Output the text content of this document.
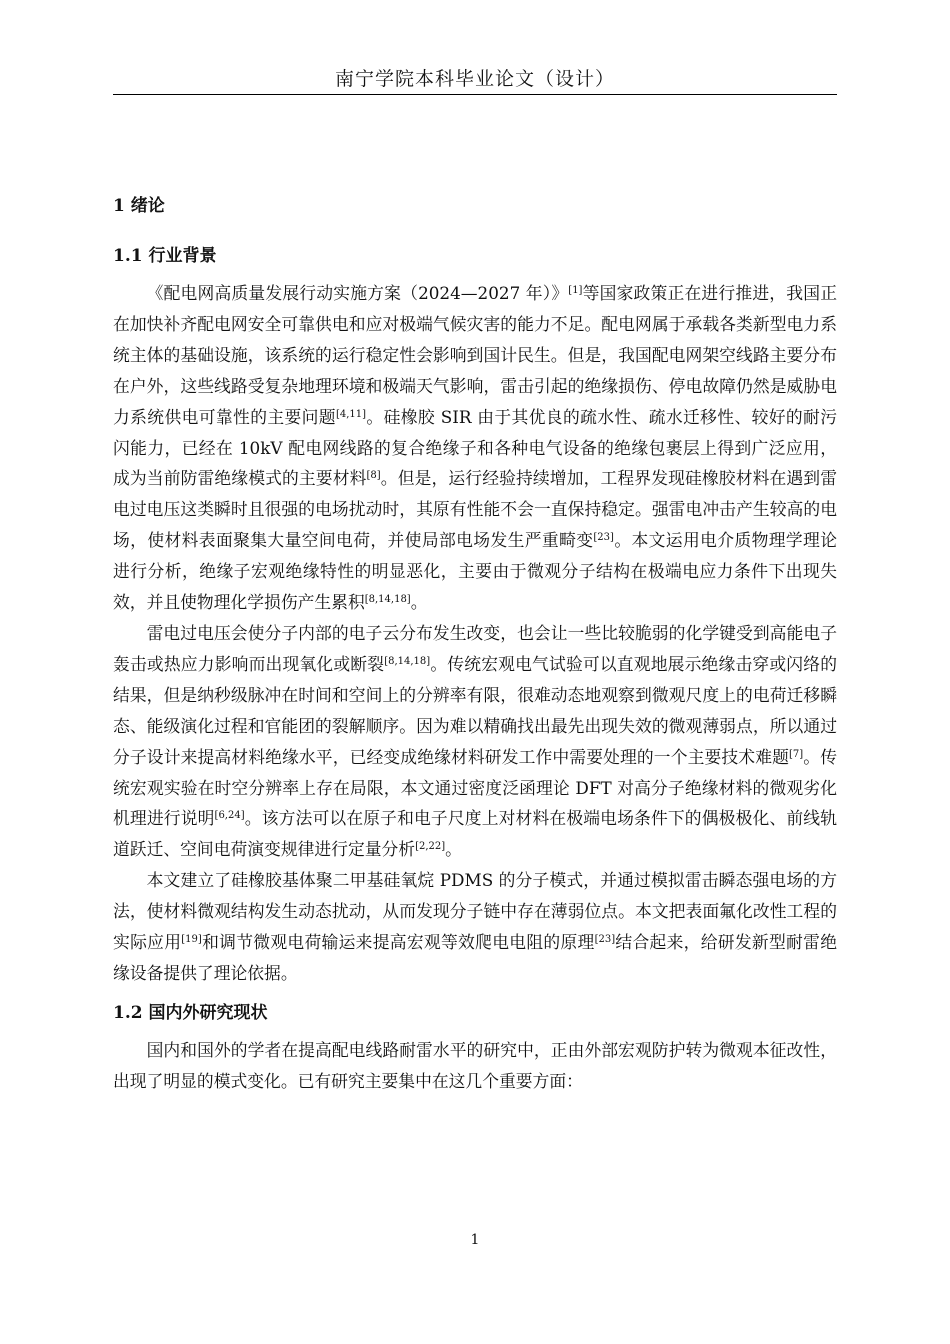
南宁学院本科毕业论文（设计）
1 绪论
1.1 行业背景

《配电网高质量发展行动实施方案（2024—2027 年）》[1]等国家政策正在进行推进，我国正在加快补齐配电网安全可靠供电和应对极端气候灾害的能力不足。配电网属于承载各类新型电力系统主体的基础设施，该系统的运行稳定性会影响到国计民生。但是，我国配电网架空线路主要分布在户外，这些线路受复杂地理环境和极端天气影响，雷击引起的绝缘损伤、停电故障仍然是威胁电力系统供电可靠性的主要问题[4,11]。硅橡胶 SIR 由于其优良的疏水性、疏水迁移性、较好的耐污闪能力，已经在 10kV 配电网线路的复合绝缘子和各种电气设备的绝缘包裹层上得到广泛应用，成为当前防雷绝缘模式的主要材料[8]。但是，运行经验持续增加，工程界发现硅橡胶材料在遇到雷电过电压这类瞬时且很强的电场扰动时，其原有性能不会一直保持稳定。强雷电冲击产生较高的电场，使材料表面聚集大量空间电荷，并使局部电场发生严重畸变[23]。本文运用电介质物理学理论进行分析，绝缘子宏观绝缘特性的明显恶化，主要由于微观分子结构在极端电应力条件下出现失效，并且使物理化学损伤产生累积[8,14,18]。

雷电过电压会使分子内部的电子云分布发生改变，也会让一些比较脆弱的化学键受到高能电子轰击或热应力影响而出现氧化或断裂[8,14,18]。传统宏观电气试验可以直观地展示绝缘击穿或闪络的结果，但是纳秒级脉冲在时间和空间上的分辨率有限，很难动态地观察到微观尺度上的电荷迁移瞬态、能级演化过程和官能团的裂解顺序。因为难以精确找出最先出现失效的微观薄弱点，所以通过分子设计来提高材料绝缘水平，已经变成绝缘材料研发工作中需要处理的一个主要技术难题[7]。传统宏观实验在时空分辨率上存在局限，本文通过密度泛函理论 DFT 对高分子绝缘材料的微观劣化机理进行说明[6,24]。该方法可以在原子和电子尺度上对材料在极端电场条件下的偶极极化、前线轨道跃迁、空间电荷演变规律进行定量分析[2,22]。

本文建立了硅橡胶基体聚二甲基硅氧烷 PDMS 的分子模式，并通过模拟雷击瞬态强电场的方法，使材料微观结构发生动态扰动，从而发现分子链中存在薄弱位点。本文把表面氟化改性工程的实际应用[19]和调节微观电荷输运来提高宏观等效爬电电阻的原理[23]结合起来，给研发新型耐雷绝缘设备提供了理论依据。

1.2 国内外研究现状

国内和国外的学者在提高配电线路耐雷水平的研究中，正由外部宏观防护转为微观本征改性，出现了明显的模式变化。已有研究主要集中在这几个重要方面：

1
